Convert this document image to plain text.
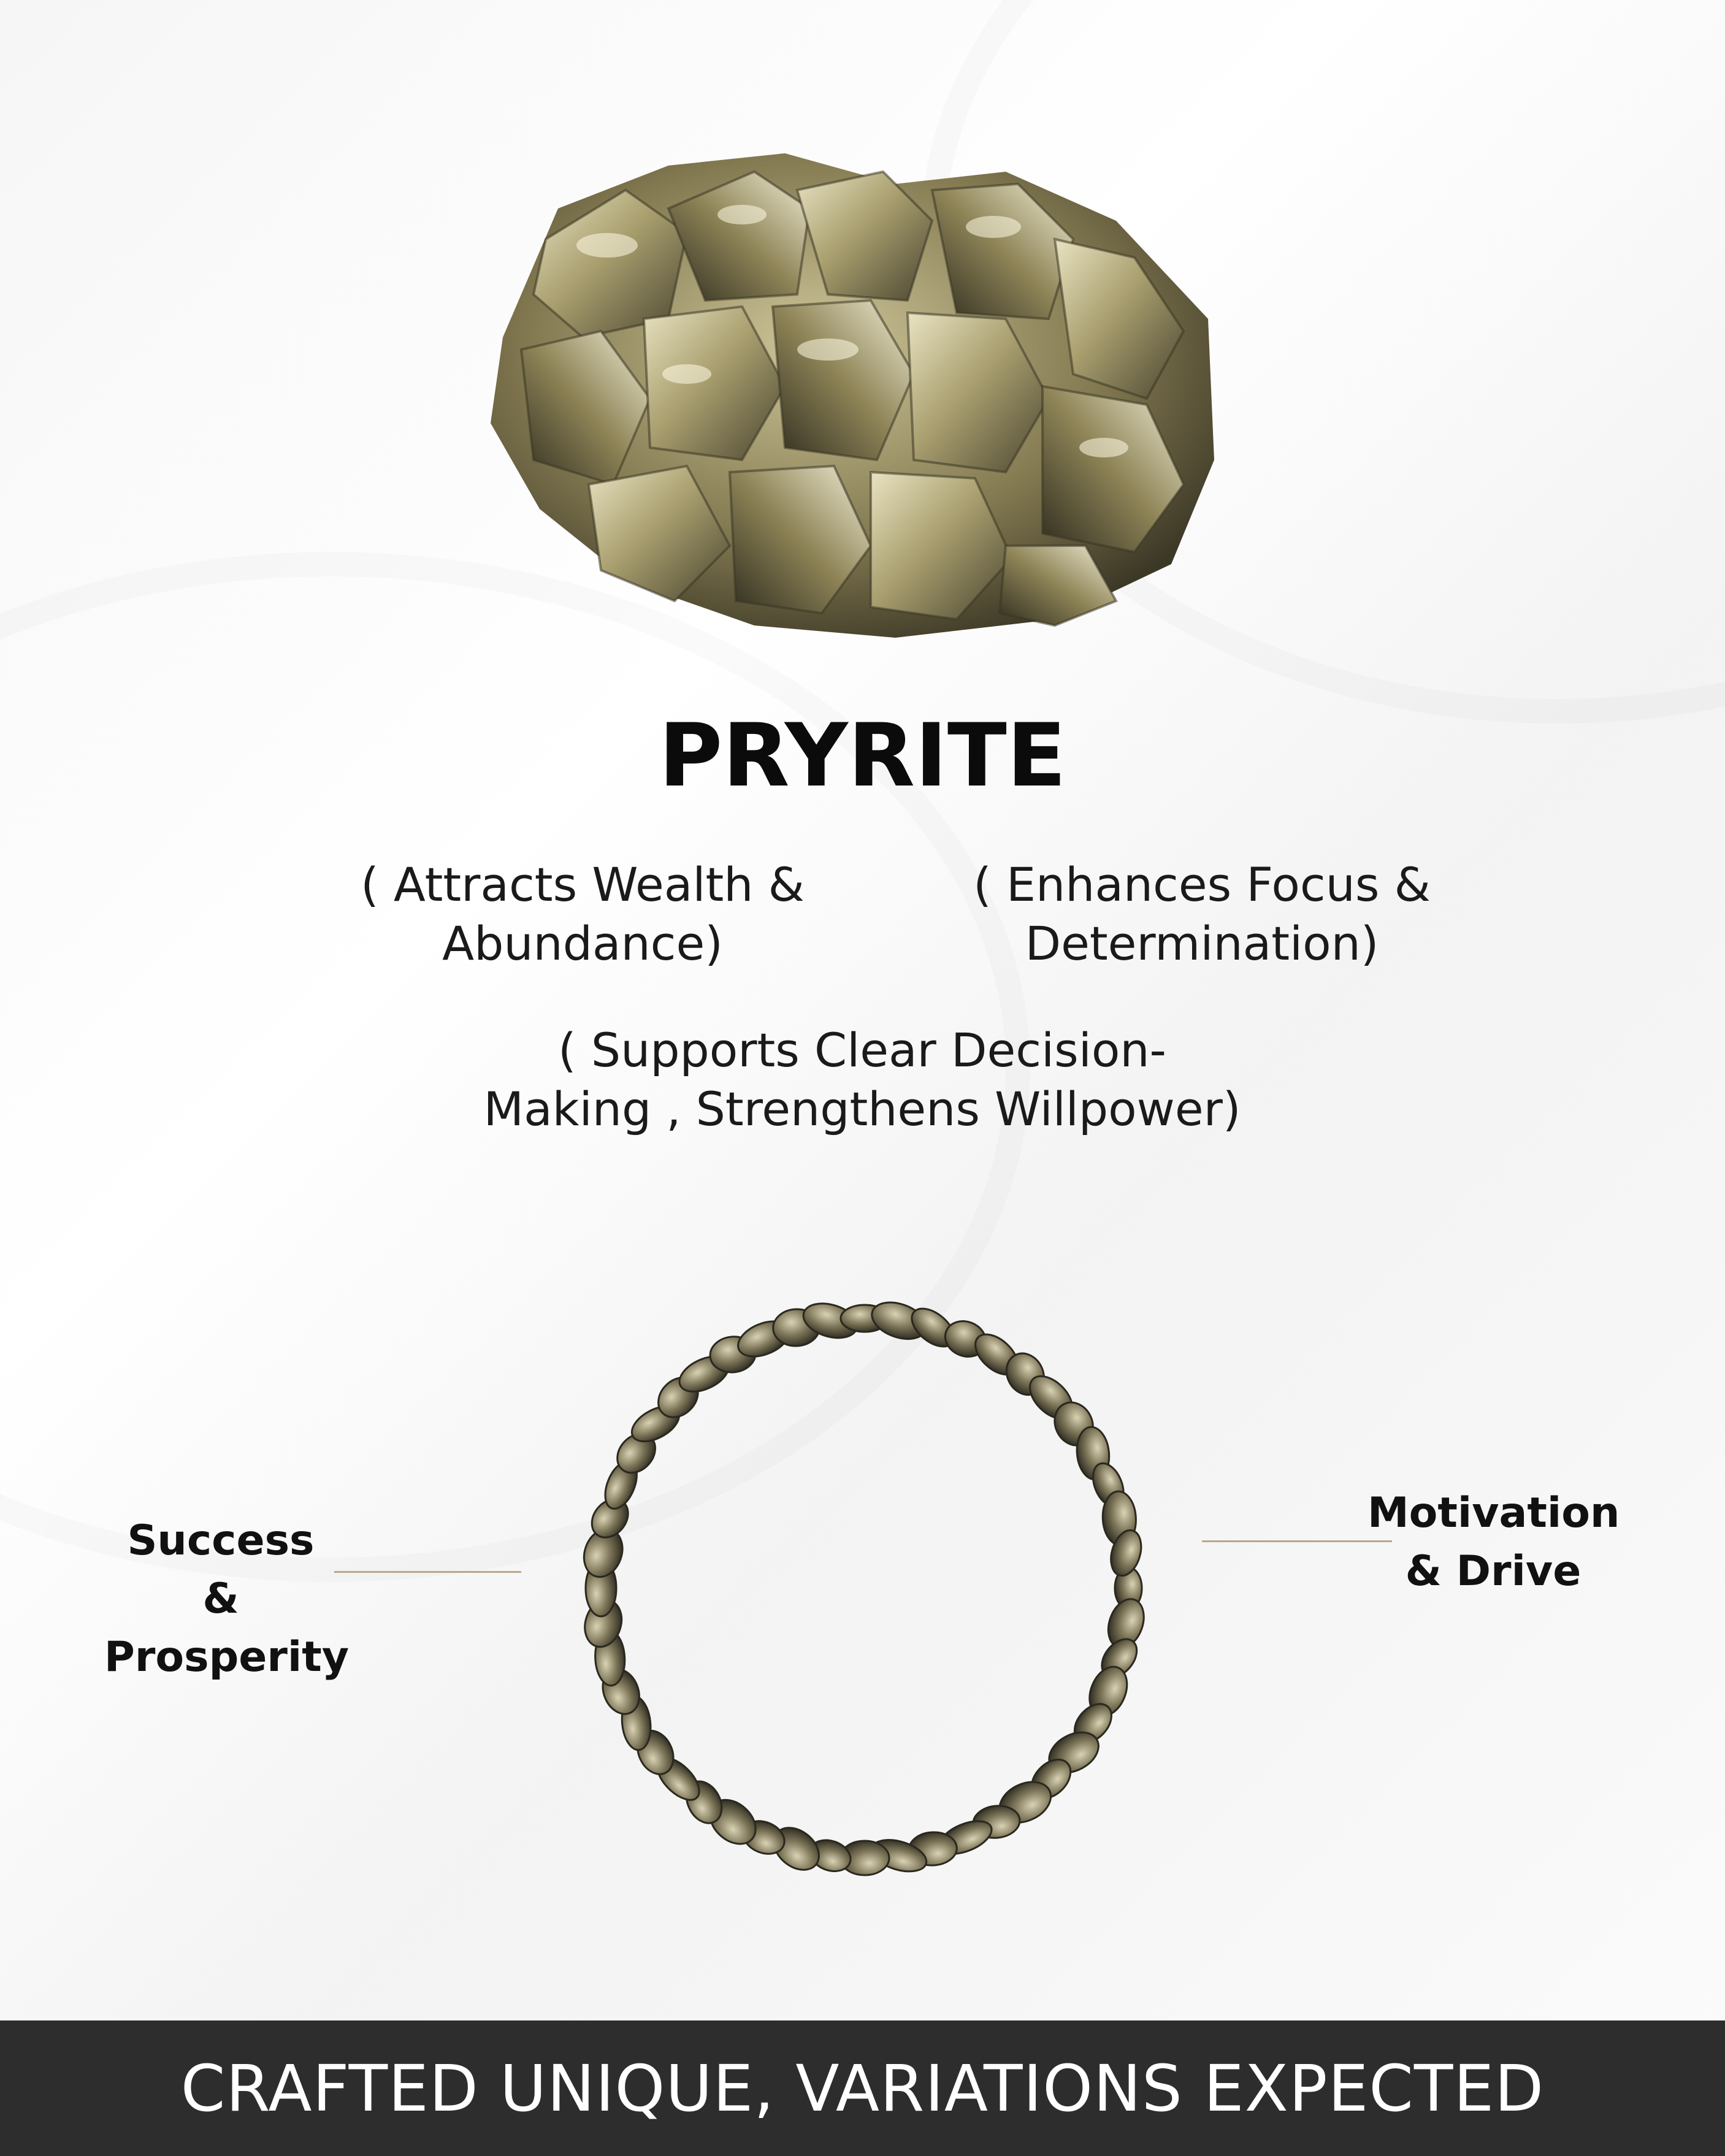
PRYRITE
( Attracts Wealth &
Abundance)
( Enhances Focus &
Determination)
( Supports Clear Decision-
Making , Strengthens Willpower)
Success &
Prosperity
Motivation
& Drive
CRAFTED UNIQUE, VARIATIONS EXPECTED
